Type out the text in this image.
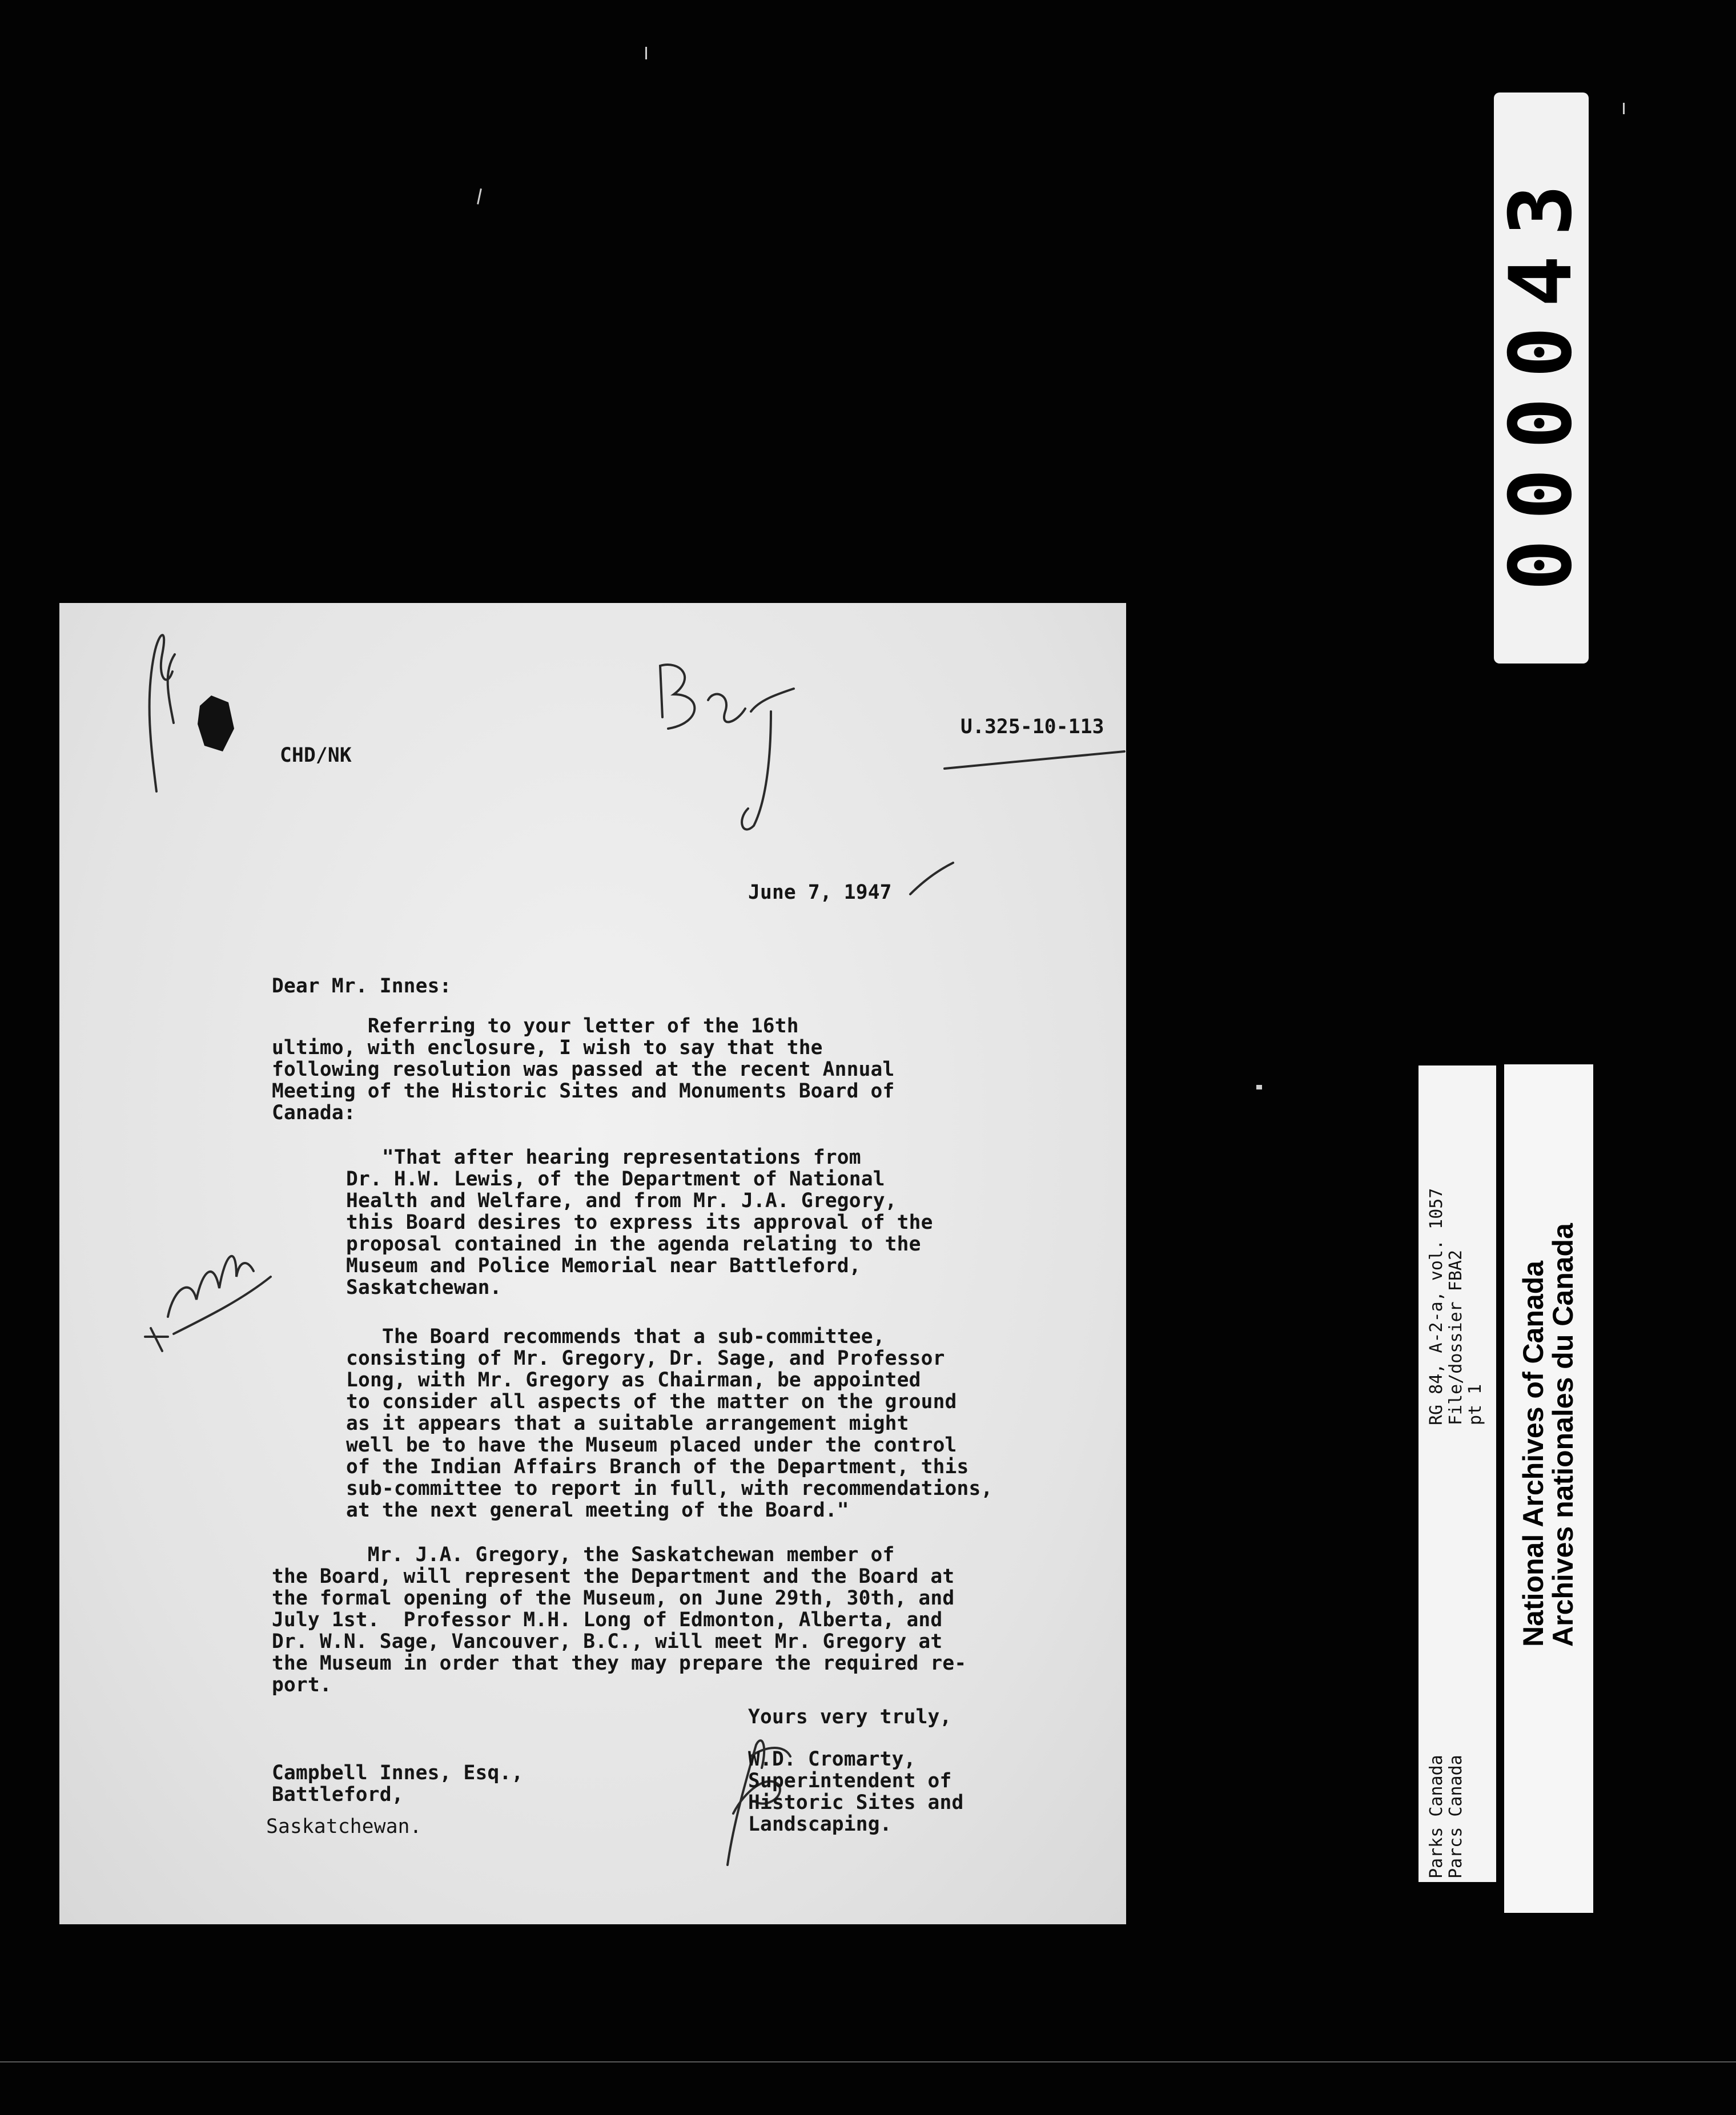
000043
RG 84, A-2-a, vol. 1057 File/dossier FBA2 pt 1
Parks Canada Parcs Canada
National Archives of Canada
Archives nationales du Canada
CHD/NK
U.325-10-113
June 7, 1947
Dear Mr. Innes:
Referring to your letter of the 16th
ultimo, with enclosure, I wish to say that the
following resolution was passed at the recent Annual
Meeting of the Historic Sites and Monuments Board of
Canada:
"That after hearing representations from
Dr. H.W. Lewis, of the Department of National
Health and Welfare, and from Mr. J.A. Gregory,
this Board desires to express its approval of the
proposal contained in the agenda relating to the
Museum and Police Memorial near Battleford,
Saskatchewan.
The Board recommends that a sub-committee,
consisting of Mr. Gregory, Dr. Sage, and Professor
Long, with Mr. Gregory as Chairman, be appointed
to consider all aspects of the matter on the ground
as it appears that a suitable arrangement might
well be to have the Museum placed under the control
of the Indian Affairs Branch of the Department, this
sub-committee to report in full, with recommendations,
at the next general meeting of the Board."
Mr. J.A. Gregory, the Saskatchewan member of
the Board, will represent the Department and the Board at
the formal opening of the Museum, on June 29th, 30th, and
July 1st.  Professor M.H. Long of Edmonton, Alberta, and
Dr. W.N. Sage, Vancouver, B.C., will meet Mr. Gregory at
the Museum in order that they may prepare the required re-
port.
Yours very truly,
Campbell Innes, Esq.,
Battleford,
Saskatchewan.
W.D. Cromarty,
Superintendent of
Historic Sites and
Landscaping.
